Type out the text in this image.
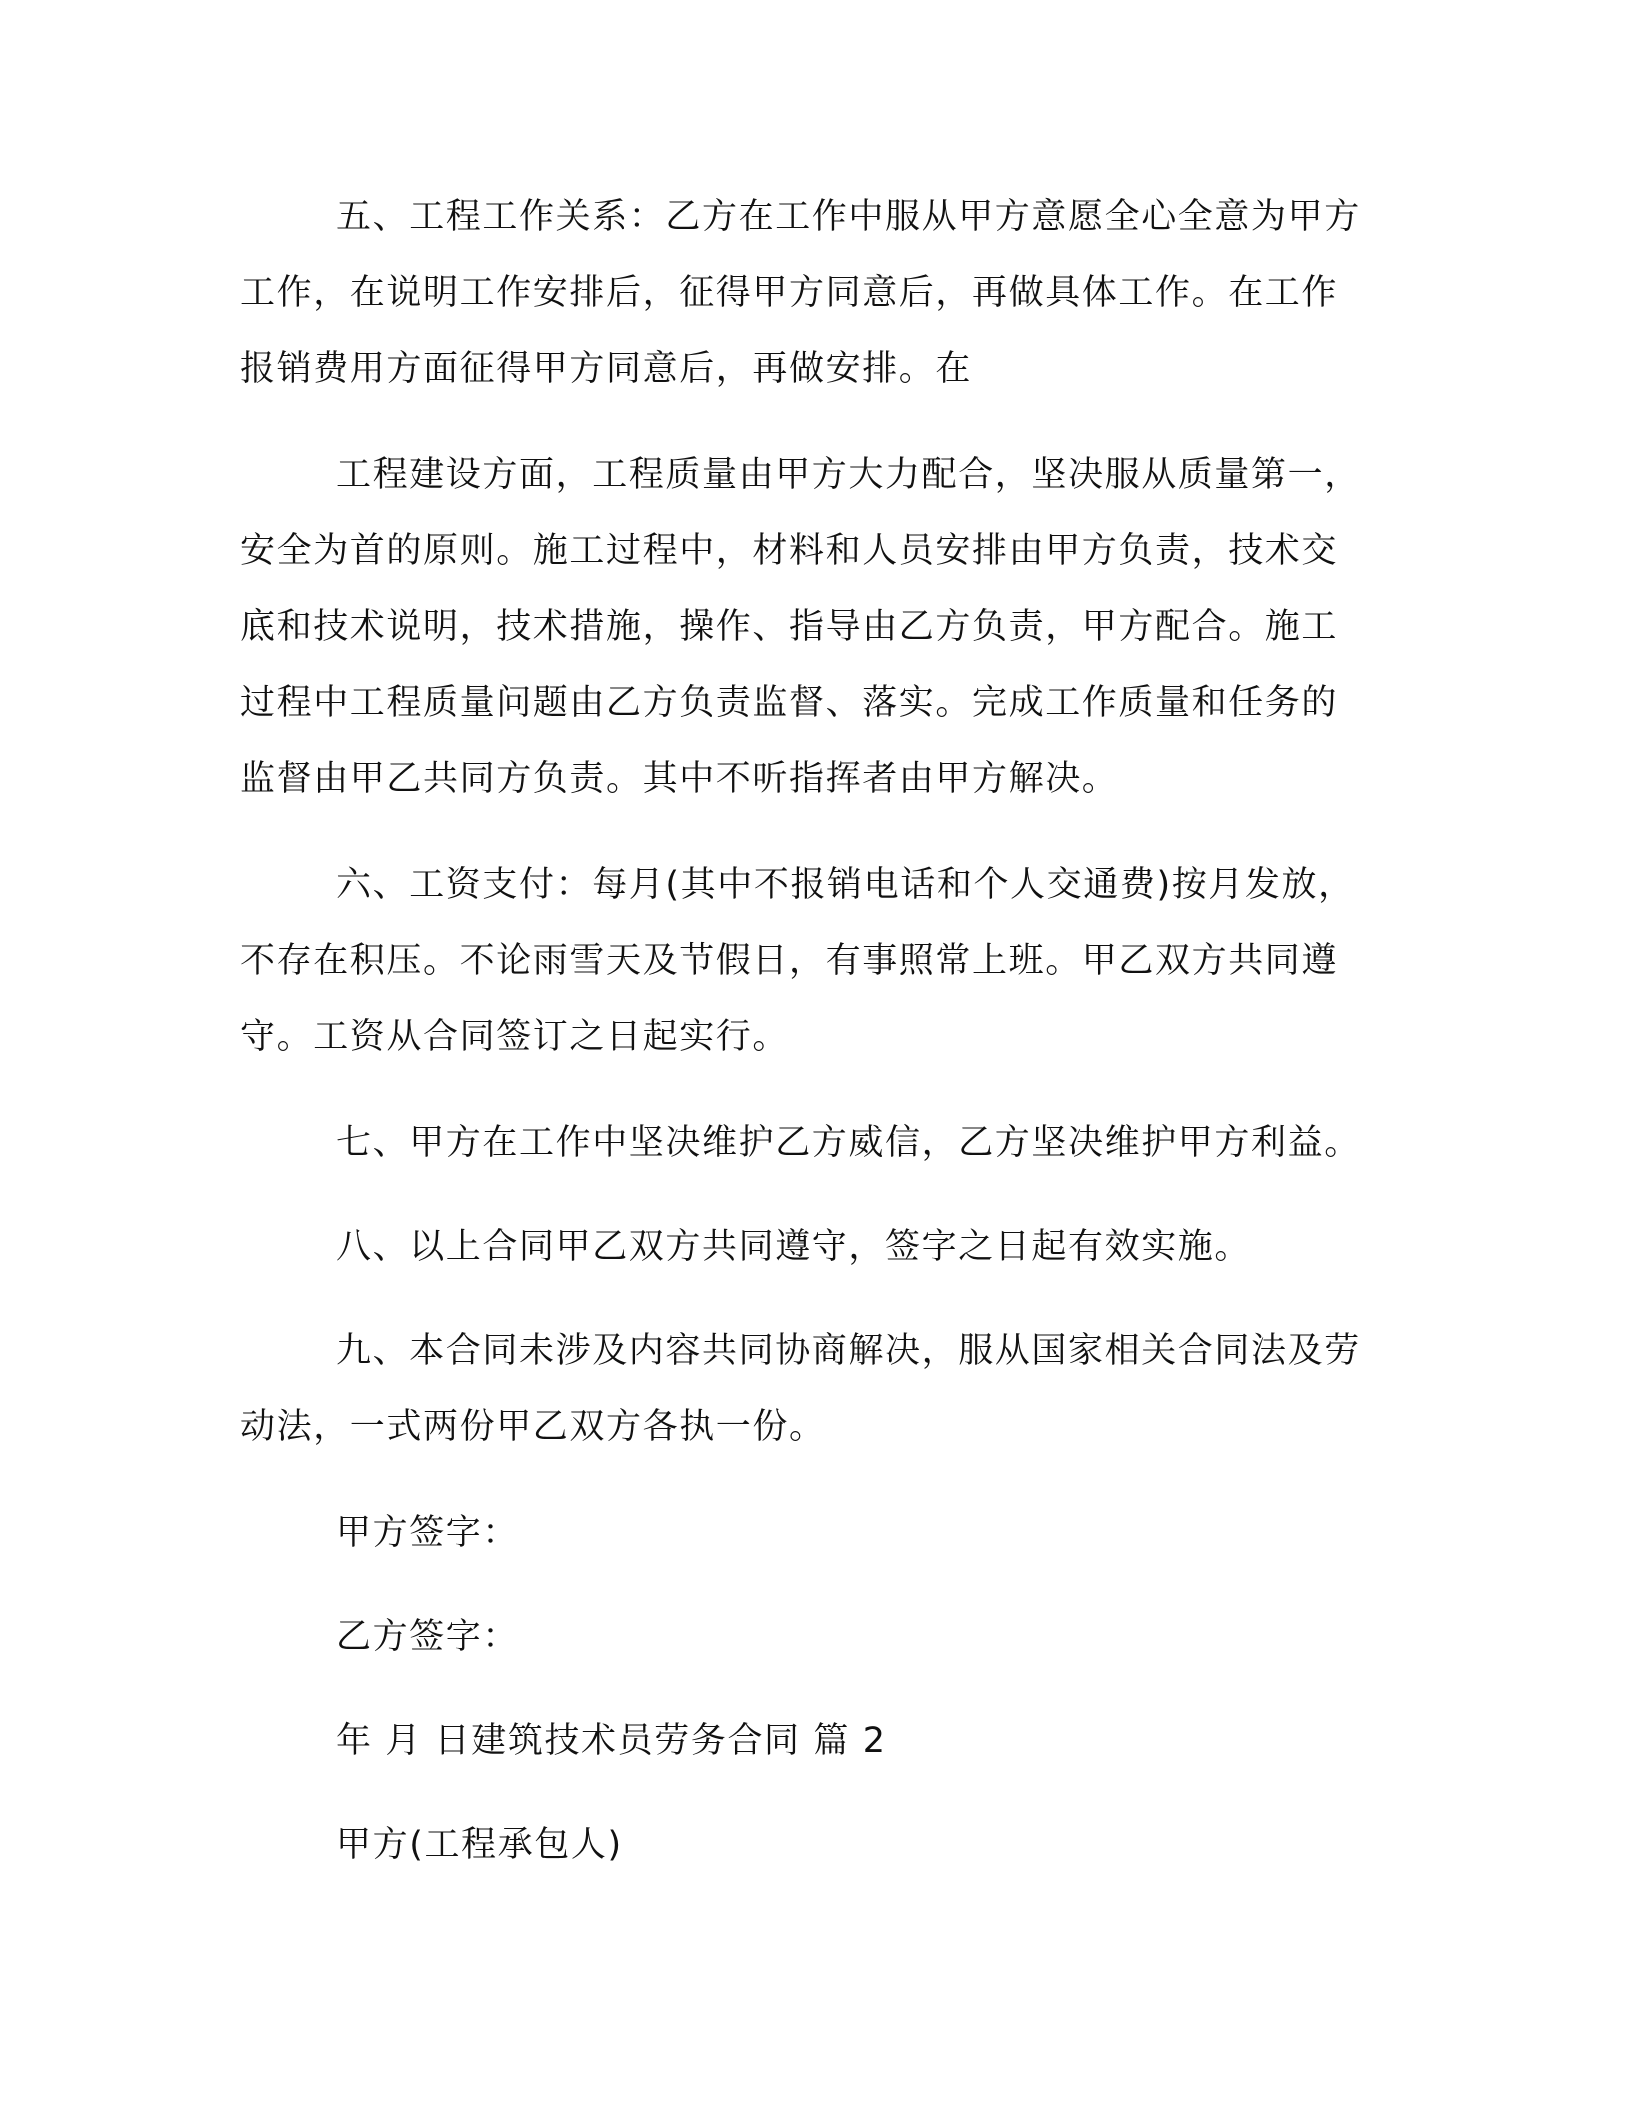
五、工程工作关系：乙方在工作中服从甲方意愿全心全意为甲方

工作，在说明工作安排后，征得甲方同意后，再做具体工作。在工作

报销费用方面征得甲方同意后，再做安排。在

工程建设方面，工程质量由甲方大力配合，坚决服从质量第一，

安全为首的原则。施工过程中，材料和人员安排由甲方负责，技术交

底和技术说明，技术措施，操作、指导由乙方负责，甲方配合。施工

过程中工程质量问题由乙方负责监督、落实。完成工作质量和任务的

监督由甲乙共同方负责。其中不听指挥者由甲方解决。

六、工资支付：每月(其中不报销电话和个人交通费)按月发放，

不存在积压。不论雨雪天及节假日，有事照常上班。甲乙双方共同遵

守。工资从合同签订之日起实行。

七、甲方在工作中坚决维护乙方威信，乙方坚决维护甲方利益。

八、以上合同甲乙双方共同遵守，签字之日起有效实施。

九、本合同未涉及内容共同协商解决，服从国家相关合同法及劳

动法，一式两份甲乙双方各执一份。

甲方签字：

乙方签字：

年 月 日建筑技术员劳务合同 篇 2

甲方(工程承包人)
